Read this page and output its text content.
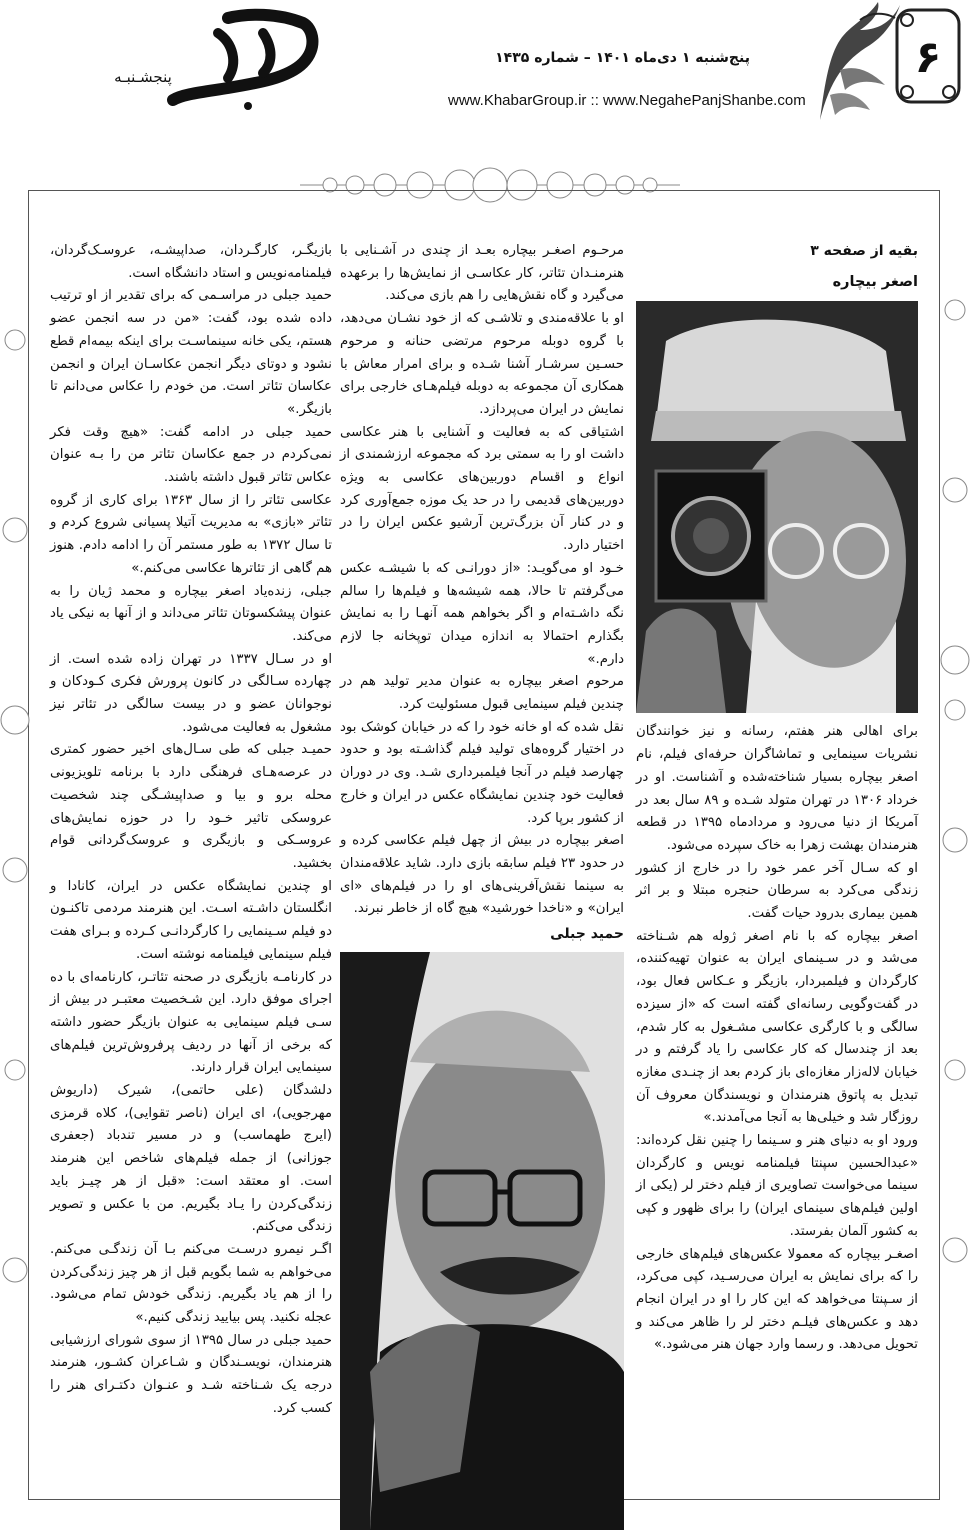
۶
پنج‌شنبه ۱ دی‌ماه ۱۴۰۱ – شماره ۱۴۳۵
www.KhabarGroup.ir :: www.NegahePanjShanbe.com
نگاه
پنجشـنبـه
بقیه از صفحه ۳
اصغر بیچاره

برای اهالی هنر هفتم، رسانه و نیز خوانندگان نشریات سینمایی و تماشاگران حرفه‌ای فیلم، نام اصغر بیچاره بسیار شناخته‌شده و آشناست. او در خرداد ۱۳۰۶ در تهران متولد شـده و ۸۹ سال بعد در آمریکا از دنیا می‌رود و مردادماه ۱۳۹۵ در قطعه هنرمندان بهشت زهرا به خاک سپرده می‌شود.

او که سـال آخر عمر خود را در خارج از کشور زندگی می‌کرد به سرطان حنجره مبتلا و بر اثر همین بیماری بدرود حیات گفت.

اصغر بیچاره که با نام اصغر ژوله هم شـناخته می‌شد و در سـینمای ایران به عنوان تهیه‌کننده، کارگردان و فیلمبردار، بازیگر و عـکاس فعال بود، در گفت‌وگویی رسانه‌ای گفته است که «از سیزده سالگی و با کارگری عکاسی مشـغول به کار شدم، بعد از چندسال که کار عکاسی را یاد گرفتم و در خیابان لاله‌زار مغازه‌ای باز کردم بعد از چنـدی مغازه تبدیل به پاتوق هنرمندان و نویسندگان معروف آن روزگار شد و خیلی‌ها به آنجا می‌آمدند.»

ورود او به دنیای هنر و سـینما را چنین نقل کرده‌اند: «عبدالحسین سپنتا فیلمنامه نویس و کارگردان سینما می‌خواست تصاویری از فیلم دختر لر (یکی از اولین فیلم‌های سینمای ایران) را برای ظهور و کپی به کشور آلمان بفرستد.

اصغـر بیچاره که معمولا عکس‌های فیلم‌های خارجی را که برای نمایش به ایران می‌رسـید، کپی می‌کرد، از سـپنتا می‌خواهد که این کار را او در ایران انجام دهد و عکس‌های فیلـم دختر لر را ظاهر می‌کند و تحویل می‌دهد. و رسما وارد جهان هنر می‌شود.»

مرحـوم اصغـر بیچاره بعـد از چندی در آشـنایی با هنرمنـدان تئاتر، کار عکاسـی از نمایش‌ها را برعهده می‌گیرد و گاه نقش‌هایی را هم بازی می‌کند.

او با علاقه‌مندی و تلاشـی که از خود نشـان می‌دهد، با گروه دوبله مرحوم مرتضی حنانه و مرحوم حسـین سرشـار آشنا شـده و برای امرار معاش با همکاری آن مجموعه به دوبله فیلم‌هـای خارجی برای نمایش در ایران می‌پردازد.

اشتیاقی که به فعالیت و آشنایی با هنر عکاسی داشت او را به سمتی برد که مجموعه ارزشمندی از انواع و اقسام دوربین‌های عکاسی به ویژه دوربین‌های قدیمی را در حد یک موزه جمع‌آوری کرد و در کنار آن بزرگ‌ترین آرشیو عکس ایران را در اختیار دارد.

خـود او می‌گویـد: «از دورانـی که با شیشـه عکس می‌گرفتم تا حالا، همه شیشه‌ها و فیلم‌ها را سالم نگه داشـته‌ام و اگر بخواهم همه آنهـا را به نمایش بگذارم احتمالا به اندازه میدان توپخانه جا لازم دارم.»

مرحوم اصغر بیچاره به عنوان مدیر تولید هم در چندین فیلم سینمایی قبول مسئولیت کرد.

نقل شده که او خانه خود را که در خیابان کوشک بود در اختیار گروه‌های تولید فیلم گذاشـته بود و حدود چهارصد فیلم در آنجا فیلمبرداری شـد. وی در دوران فعالیت خود چندین نمایشگاه عکس در ایران و خارج از کشور برپا کرد.

اصغر بیچاره در بیش از چهل فیلم عکاسی کرده و در حدود ۲۳ فیلم سابقه بازی دارد. شاید علاقه‌مندان به سینما نقش‌آفرینی‌های او را در فیلم‌های «ای ایران» و «ناخدا خورشید» هیچ گاه از خاطر نبرند.

حمید جبلی

بازیگـر، کارگـردان، صداپیشـه، عروسـک‌گردان، فیلمنامه‌نویس و استاد دانشگاه است.

حمید جبلی در مراسـمی که برای تقدیر از او ترتیب داده شده بود، گفت: «من در سه انجمن عضو هستم، یکی خانه سینماسـت برای اینکه بیمه‌ام قطع نشود و دوتای دیگر انجمن عکاسـان ایران و انجمن عکاسان تئاتر است. من خودم را عکاس می‌دانم تا بازیگر.»

حمید جبلی در ادامه گفت: «هیچ وقت فکر نمی‌کردم در جمع عکاسان تئاتر من را بـه عنوان عکاس تئاتر قبول داشته باشند.

عکاسی تئاتر را از سال ۱۳۶۳ برای کاری از گروه تئاتر «بازی» به مدیریت آتیلا پسیانی شروع کردم و تا سال ۱۳۷۲ به طور مستمر آن را ادامه دادم. هنوز هم گاهی از تئاترها عکاسی می‌کنم.»

جبلی، زنده‌یاد اصغر بیچاره و محمد ژیان را به عنوان پیشکسوتان تئاتر می‌داند و از آنها به نیکی یاد می‌کند.

او در سـال ۱۳۳۷ در تهران زاده شده است. از چهارده سـالگی در کانون پرورش فکری کـودکان و نوجوانان عضو و در بیست سالگی در تئاتر نیز مشغول به فعالیت می‌شود.

حمیـد جبلی که طی سـال‌های اخیر حضور کمتری در عرصه‌هـای فرهنگی دارد با برنامه تلویزیونی محله برو و بیا و صداپیشـگی چند شخصیت عروسکی تاثیر خـود را در حوزه نمایش‌های عروسـکی و بازیگری و عروسک‌گردانی قوام بخشید.

او چندین نمایشگاه عکس در ایران، کانادا و انگلستان داشـته اسـت. این هنرمند مردمی تاکنـون دو فیلم سـینمایی را کارگردانـی کـرده و بـرای هفت فیلم سینمایی فیلمنامه نوشته است.

در کارنامـه بازیگری در صحنه تئاتـر، کارنامه‌ای با ده اجرای موفق دارد. این شـخصیت معتبـر در بیش از سـی فیلم سینمایی به عنوان بازیگر حضور داشته که برخی از آنها در ردیف پرفروش‌ترین فیلم‌های سینمایی ایران قرار دارند.

دلشدگان (علی حاتمی)، شیرک (داریوش مهرجویی)، ای ایران (ناصر تقوایی)، کلاه قرمزی (ایرج طهماسب) و در مسیر تندباد (جعفری جوزانی) از جمله فیلم‌های شاخص این هنرمند است. او معتقد است: «قبل از هر چیـز باید زندگی‌کردن را یـاد بگیریم. من با عکس و تصویر زندگی می‌کنم.

اگـر نیمرو درسـت می‌کنم بـا آن زندگـی می‌کنم. می‌خواهم به شما بگویم قبل از هر چیز زندگی‌کردن را از هم یاد بگیریم. زندگی خودش تمام می‌شود. عجله نکنید. پس بیایید زندگی کنیم.»

حمید جبلی در سال ۱۳۹۵ از سوی شورای ارزشیابی هنرمندان، نویسـندگان و شـاعران کشـور، هنرمند درجه یک شـناخته شـد و عنـوان دکتـرای هنر را کسب کرد.
